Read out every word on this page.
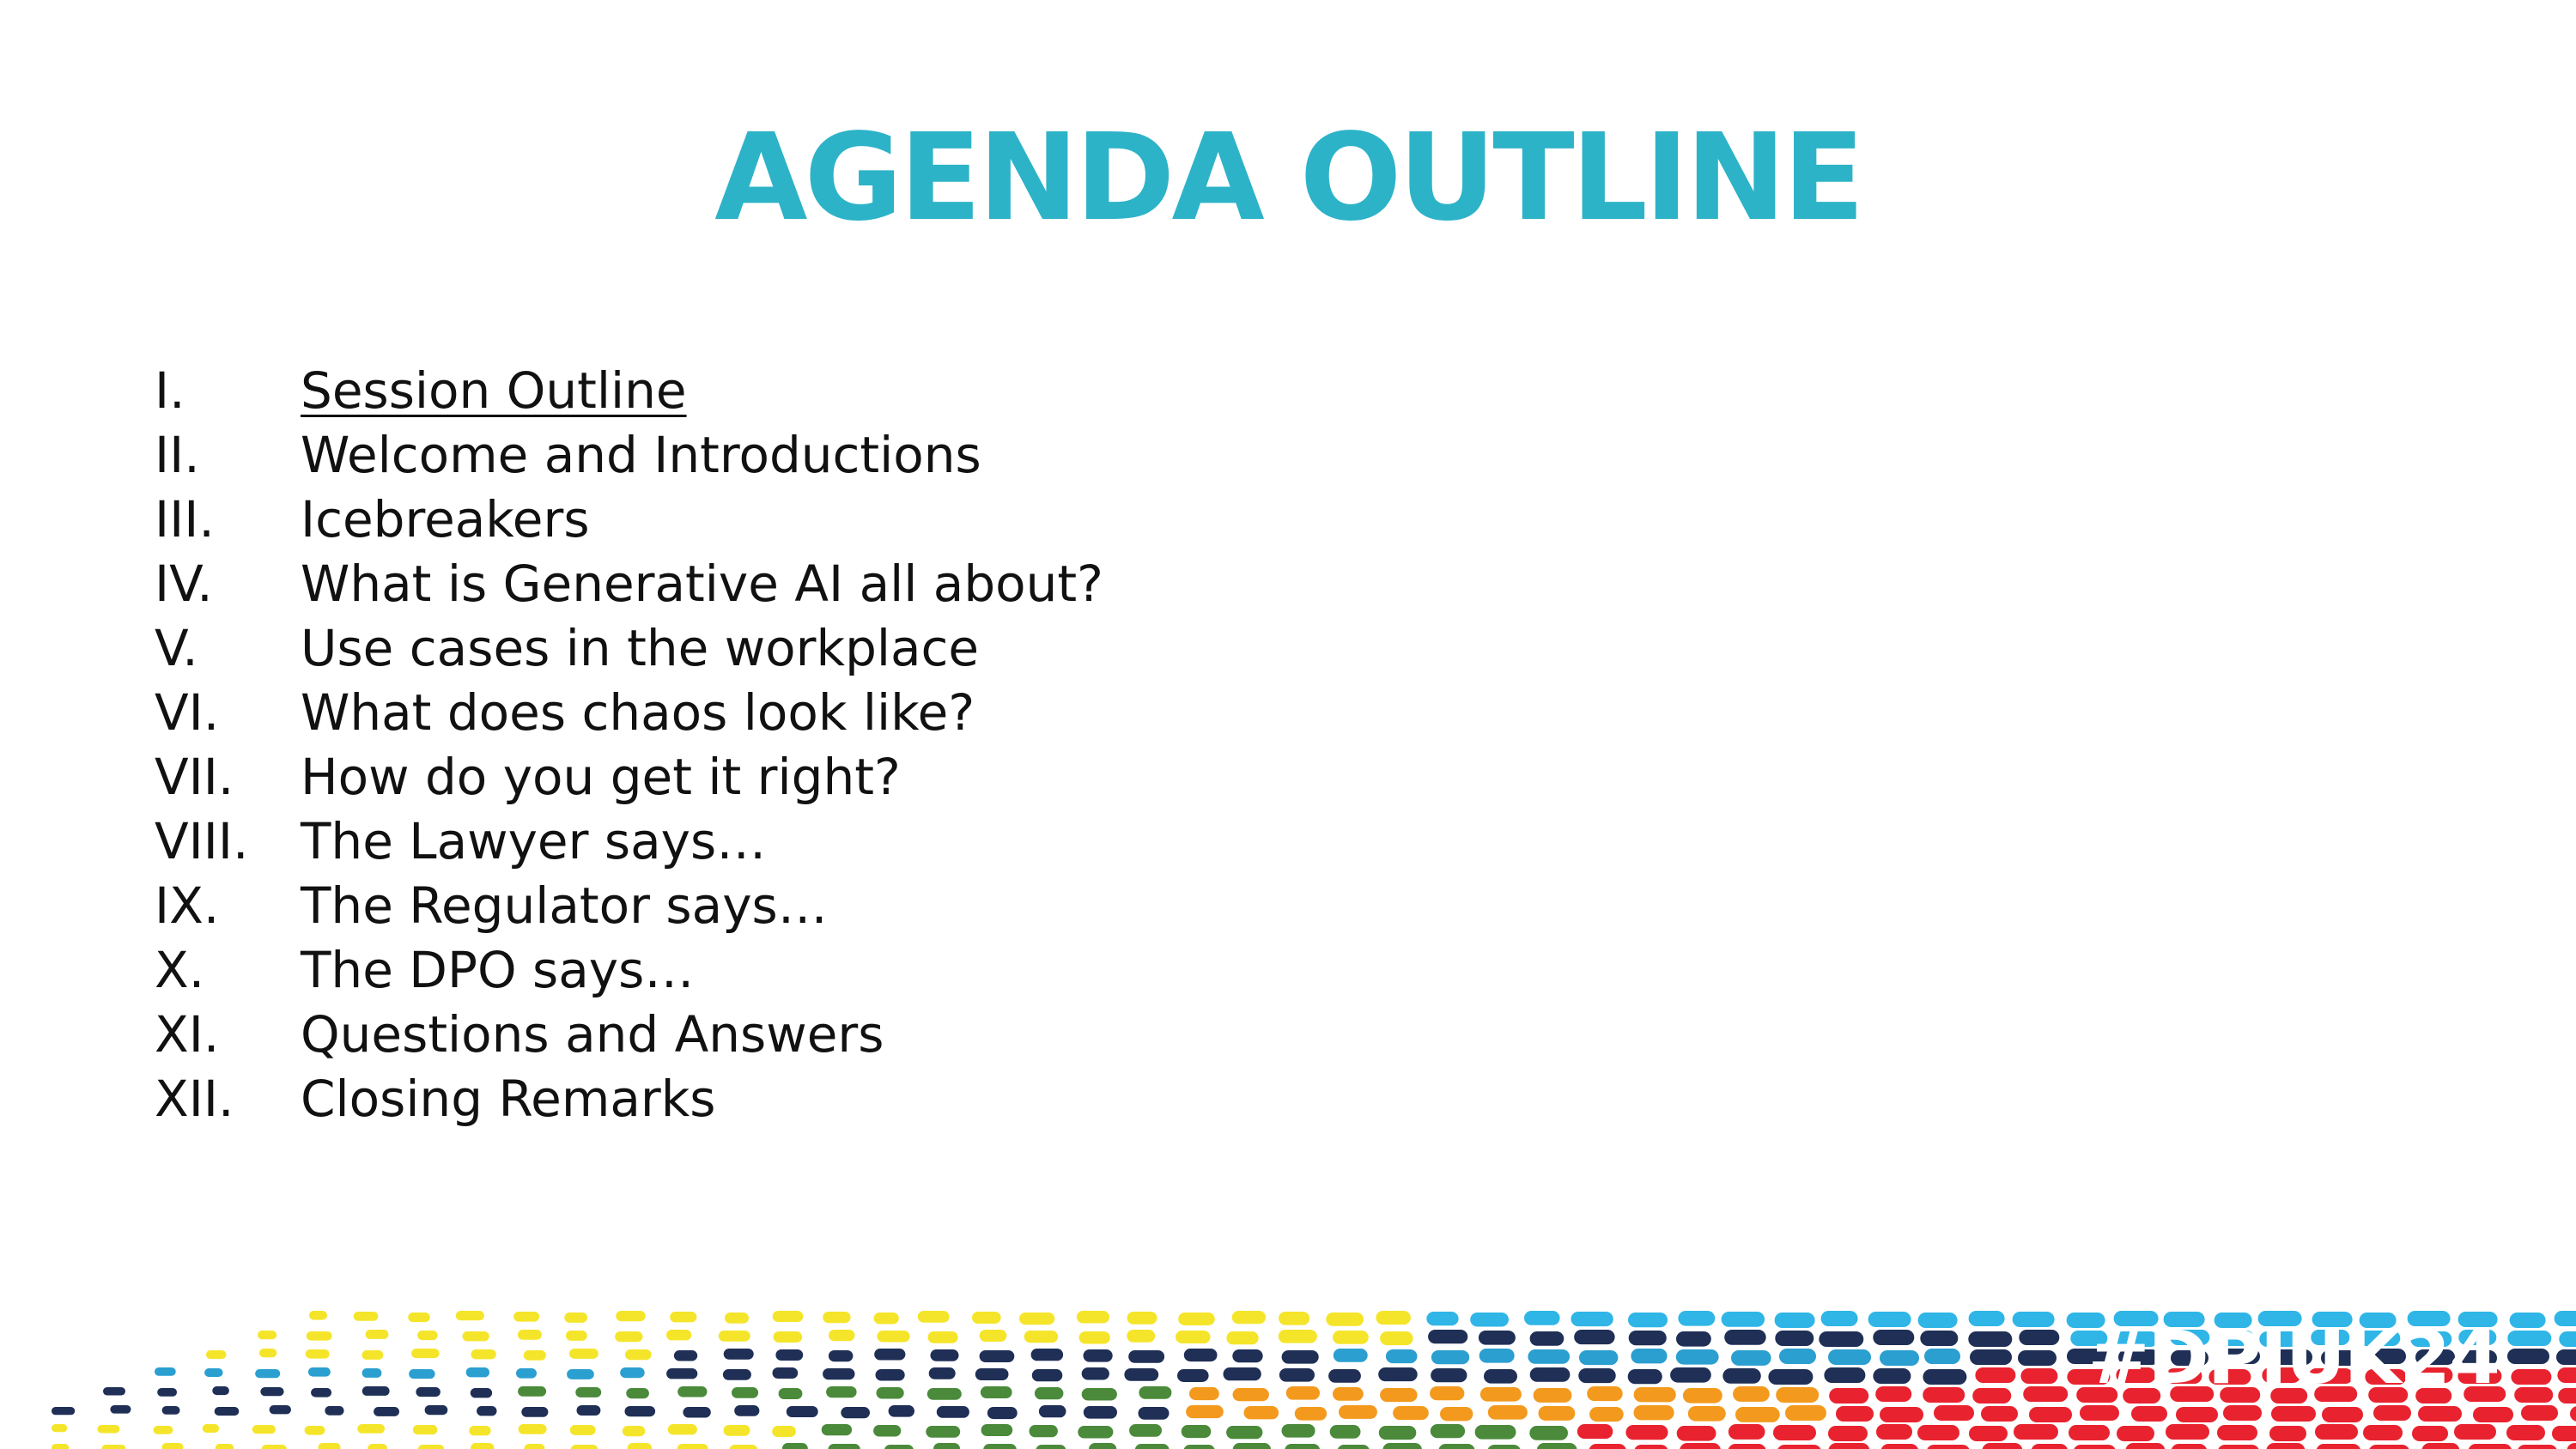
AGENDA OUTLINE
I.	Session Outline
II.	Welcome and Introductions
III.	Icebreakers
IV.	What is Generative AI all about?
V.	Use cases in the workplace
VI.	What does chaos look like?
VII.	How do you get it right?
VIII.	The Lawyer says…
IX.	The Regulator says…
X.	The DPO says…
XI.	Questions and Answers
XII.	Closing Remarks
#DPIUK24
